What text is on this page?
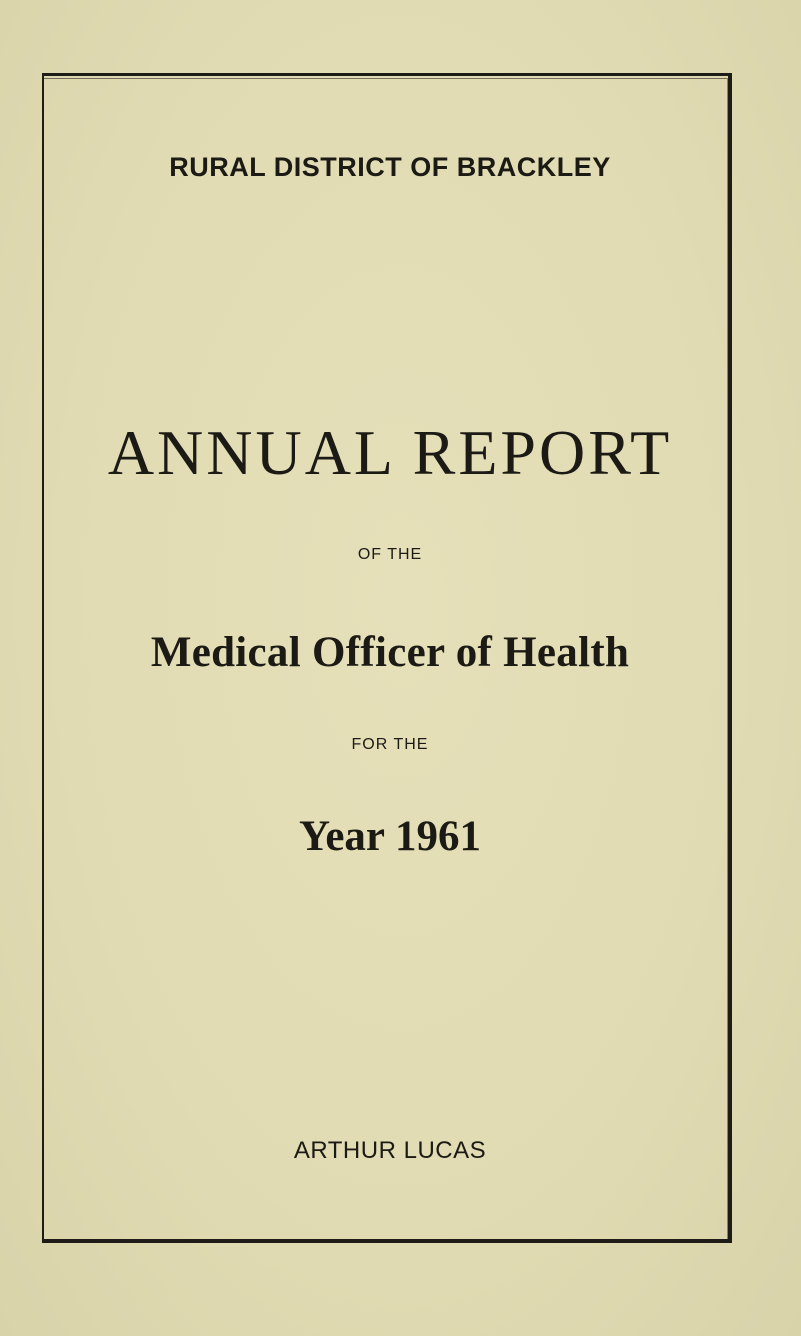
RURAL DISTRICT OF BRACKLEY
ANNUAL REPORT
OF THE
Medical Officer of Health
FOR THE
Year 1961
ARTHUR LUCAS
